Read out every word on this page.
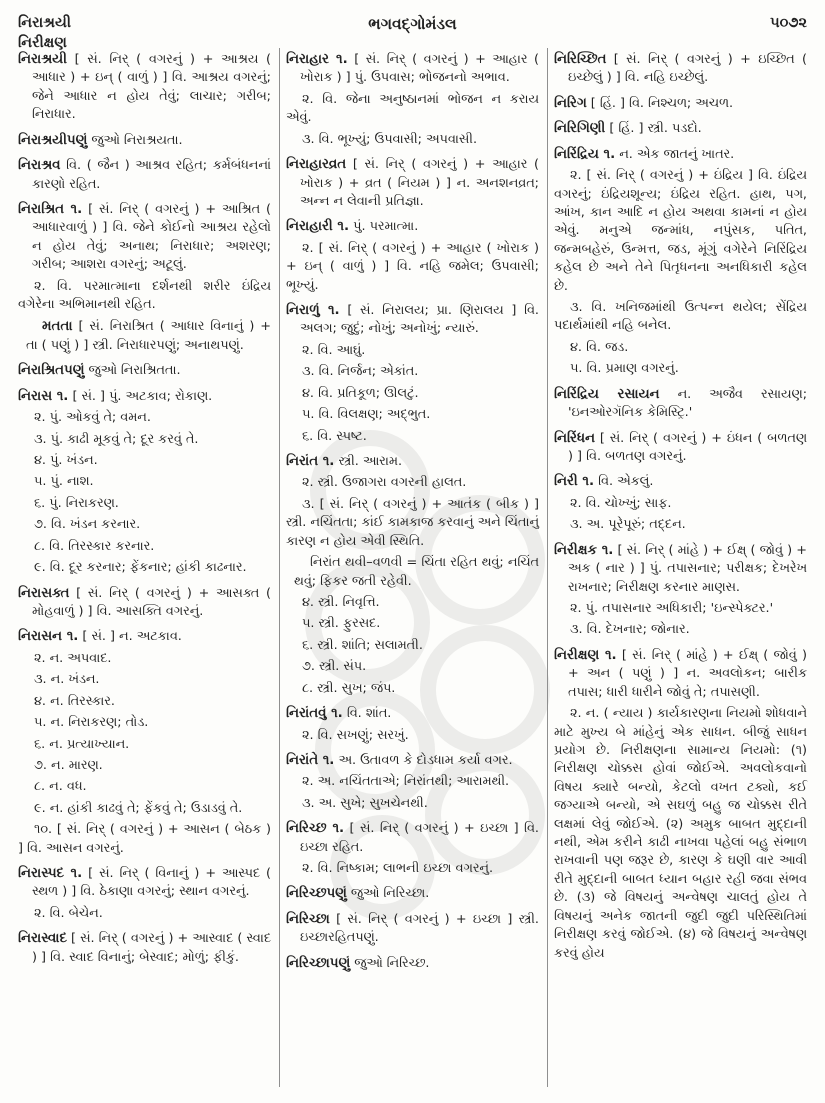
નિરાશ્રયી
નિરીક્ષણ
ભગવદ્ગોમંડલ	૫૦૭૨

નિરાશ્રયી [ સં. નિર્ ( વગરનું ) + આશ્રય ( આધાર ) + ઇન્ ( વાળું ) ] વિ. આશ્રય વગરનું; જેને આધાર ન હોય તેવું; લાચાર; ગરીબ; નિરાધાર.

નિરાશ્રયીપણું જુઓ નિરાશ્રયતા.

નિરાશ્રવ વિ. ( જૈન ) આશ્રવ રહિત; કર્મબંધનનાં કારણો રહિત.

નિરાશ્રિત ૧. [ સં. નિર્ ( વગરનું ) + આશ્રિત ( આધારવાળું ) ] વિ. જેને કોઈનો આશ્રય રહેલો ન હોય તેવું; અનાથ; નિરાધાર; અશરણ; ગરીબ; આશરા વગરનું; અટૂલું.

૨. વિ. પરમાત્માના દર્શનથી શરીર ઇંદ્રિય વગેરેના અભિમાનથી રહિત.

મતતા [ સં. નિરાશ્રિત ( આધાર વિનાનું ) + તા ( પણું ) ] સ્ત્રી. નિરાધારપણું; અનાથપણું.

નિરાશ્રિતપણું જુઓ નિરાશ્રિતતા.

નિરાસ ૧. [ સં. ] પું. અટકાવ; રોકાણ.

૨. પું. ઓકવું તે; વમન.

૩. પું. કાઢી મૂકવું તે; દૂર કરવું તે.

૪. પું. ખંડન.

૫. પું. નાશ.

૬. પું. નિરાકરણ.

૭. વિ. ખંડન કરનાર.

૮. વિ. તિરસ્કાર કરનાર.

૯. વિ. દૂર કરનાર; ફેંકનાર; હાંકી કાઢનાર.

નિરાસક્ત [ સં. નિર્ ( વગરનું ) + આસક્ત ( મોહવાળું ) ] વિ. આસક્તિ વગરનું.

નિરાસન ૧. [ સં. ] ન. અટકાવ.

૨. ન. અપવાદ.

૩. ન. ખંડન.

૪. ન. તિરસ્કાર.

૫. ન. નિરાકરણ; તોડ.

૬. ન. પ્રત્યાખ્યાન.

૭. ન. મારણ.

૮. ન. વધ.

૯. ન. હાંકી કાઢવું તે; ફેંકવું તે; ઉડાડવું તે.

૧૦. [ સં. નિર્ ( વગરનું ) + આસન ( બેઠક ) ] વિ. આસન વગરનું.

નિરાસ્પદ ૧. [ સં. નિર્ ( વિનાનું ) + આસ્પદ ( સ્થળ ) ] વિ. ઠેકાણા વગરનું; સ્થાન વગરનું.

૨. વિ. બેચેન.

નિરાસ્વાદ [ સં. નિર્ ( વગરનું ) + આસ્વાદ ( સ્વાદ ) ] વિ. સ્વાદ વિનાનું; બેસ્વાદ; મોળું; ફીકું.

નિરાહાર ૧. [ સં. નિર્ ( વગરનું ) + આહાર ( ખોરાક ) ] પું. ઉપવાસ; ભોજનનો અભાવ.

૨. વિ. જેના અનુષ્ઠાનમાં ભોજન ન કરાય એવું.

૩. વિ. ભૂખ્યું; ઉપવાસી; અપવાસી.

નિરાહારવ્રત [ સં. નિર્ ( વગરનું ) + આહાર ( ખોરાક ) + વ્રત ( નિયમ ) ] ન. અનશનવ્રત; અન્ન ન લેવાની પ્રતિજ્ઞા.

નિરાહારી ૧. પું. પરમાત્મા.

૨. [ સં. નિર્ ( વગરનું ) + આહાર ( ખોરાક ) + ઇન્ ( વાળું ) ] વિ. નહિ જમેલ; ઉપવાસી; ભૂખ્યું.

નિરાળું ૧. [ સં. નિરાલય; પ્રા. ણિરાલય ] વિ. અલગ; જુદું; નોખું; અનોખું; ન્યારું.

૨. વિ. આઘું.

૩. વિ. નિર્જન; એકાંત.

૪. વિ. પ્રતિકૂળ; ઊલટું.

૫. વિ. વિલક્ષણ; અદ્ભુત.

૬. વિ. સ્પષ્ટ.

નિરાંત ૧. સ્ત્રી. આરામ.

૨. સ્ત્રી. ઉજાગરા વગરની હાલત.

૩. [ સં. નિર્ ( વગરનું ) + આતંક ( બીક ) ] સ્ત્રી. નચિંતતા; કાંઈ કામકાજ કરવાનું અને ચિંતાનું કારણ ન હોય એવી સ્થિતિ.

નિરાંત થવી–વળવી = ચિંતા રહિત થવું; નચિંત થવું; ફિકર જતી રહેવી.

૪. સ્ત્રી. નિવૃત્તિ.

૫. સ્ત્રી. ફુરસદ.

૬. સ્ત્રી. શાંતિ; સલામતી.

૭. સ્ત્રી. સંપ.

૮. સ્ત્રી. સુખ; જંપ.

નિરાંતવું ૧. વિ. શાંત.

૨. વિ. સખણું; સરખું.

નિરાંતે ૧. અ. ઉતાવળ કે દોડધામ કર્યા વગર.

૨. અ. નચિંતતાએ; નિરાંતથી; આરામથી.

૩. અ. સુખે; સુખચેનથી.

નિરિચ્છ ૧. [ સં. નિર્ ( વગરનું ) + ઇચ્છા ] વિ. ઇચ્છા રહિત.

૨. વિ. નિષ્કામ; લાભની ઇચ્છા વગરનું.

નિરિચ્છપણું જુઓ નિરિચ્છા.

નિરિચ્છા [ સં. નિર્ ( વગરનું ) + ઇચ્છા ] સ્ત્રી. ઇચ્છારહિતપણું.

નિરિચ્છાપણું જુઓ નિરિચ્છ.

નિરિચ્છિત [ સં. નિર્ ( વગરનું ) + ઇચ્છિત ( ઇચ્છેલું ) ] વિ. નહિ ઇચ્છેલું.

નિરિગ [ હિં. ] વિ. નિશ્ચળ; અચળ.

નિરિગિણી [ હિં. ] સ્ત્રી. પડદો.

નિરિંદ્રિય ૧. ન. એક જાતનું ખાતર.

૨. [ સં. નિર્ ( વગરનું ) + ઇંદ્રિય ] વિ. ઇંદ્રિય વગરનું; ઇંદ્રિયશૂન્ય; ઇંદ્રિય રહિત. હાથ, પગ, આંખ, કાન આદિ ન હોય અથવા કામનાં ન હોય એવું. મનુએ જન્માંધ, નપુંસક, પતિત, જન્મબહેરું, ઉન્મત્ત, જડ, મૂંગું વગેરેને નિરિંદ્રિય કહેલ છે અને તેને પિતૃધનના અનધિકારી કહેલ છે.

૩. વિ. ખનિજમાંથી ઉત્પન્ન થયેલ; સેંદ્રિય પદાર્થમાંથી નહિ બનેલ.

૪. વિ. જડ.

૫. વિ. પ્રમાણ વગરનું.

નિરિંદ્રિય રસાયન ન. અજૈવ રસાયણ; 'ઇનઓરગૅનિક કેમિસ્ટ્રિ.'

નિરિંધન [ સં. નિર્ ( વગરનું ) + ઇંધન ( બળતણ ) ] વિ. બળતણ વગરનું.

નિરી ૧. વિ. એકલું.

૨. વિ. ચોખ્ખું; સાફ.

૩. અ. પૂરેપૂરું; તદ્દન.

નિરીક્ષક ૧. [ સં. નિર્ ( માંહે ) + ઈક્ષ્ ( જોવું ) + અક ( નાર ) ] પું. તપાસનાર; પરીક્ષક; દેખરેખ રાખનાર; નિરીક્ષણ કરનાર માણસ.

૨. પું. તપાસનાર અધિકારી; 'ઇન્સ્પેક્ટર.'

૩. વિ. દેખનાર; જોનાર.

નિરીક્ષણ ૧. [ સં. નિર્ ( માંહે ) + ઈક્ષ્ ( જોવું ) + અન ( પણું ) ] ન. અવલોકન; બારીક તપાસ; ધારી ધારીને જોવું તે; તપાસણી.

૨. ન. ( ન્યાય ) કાર્યકારણના નિયમો શોધવાને માટે મુખ્ય બે માંહેનું એક સાધન. બીજું સાધન પ્રયોગ છે. નિરીક્ષણના સામાન્ય નિયમો: (૧) નિરીક્ષણ ચોક્કસ હોવાં જોઈએ. અવલોકવાનો વિષય ક્યારે બન્યો, કેટલો વખત ટક્યો, કઈ જગ્યાએ બન્યો, એ સઘળું બહુ જ ચોક્કસ રીતે લક્ષમાં લેવું જોઈએ. (૨) અમુક બાબત મુદ્દાની નથી, એમ કરીને કાઢી નાખવા પહેલાં બહુ સંભાળ રાખવાની પણ જરૂર છે, કારણ કે ઘણી વાર આવી રીતે મુદ્દાની બાબત ધ્યાન બહાર રહી જવા સંભવ છે. (૩) જે વિષયનું અન્વેષણ ચાલતું હોય તે વિષયનું અનેક જાતની જુદી જુદી પરિસ્થિતિમાં નિરીક્ષણ કરવું જોઈએ. (૪) જે વિષયનું અન્વેષણ કરવું હોય
